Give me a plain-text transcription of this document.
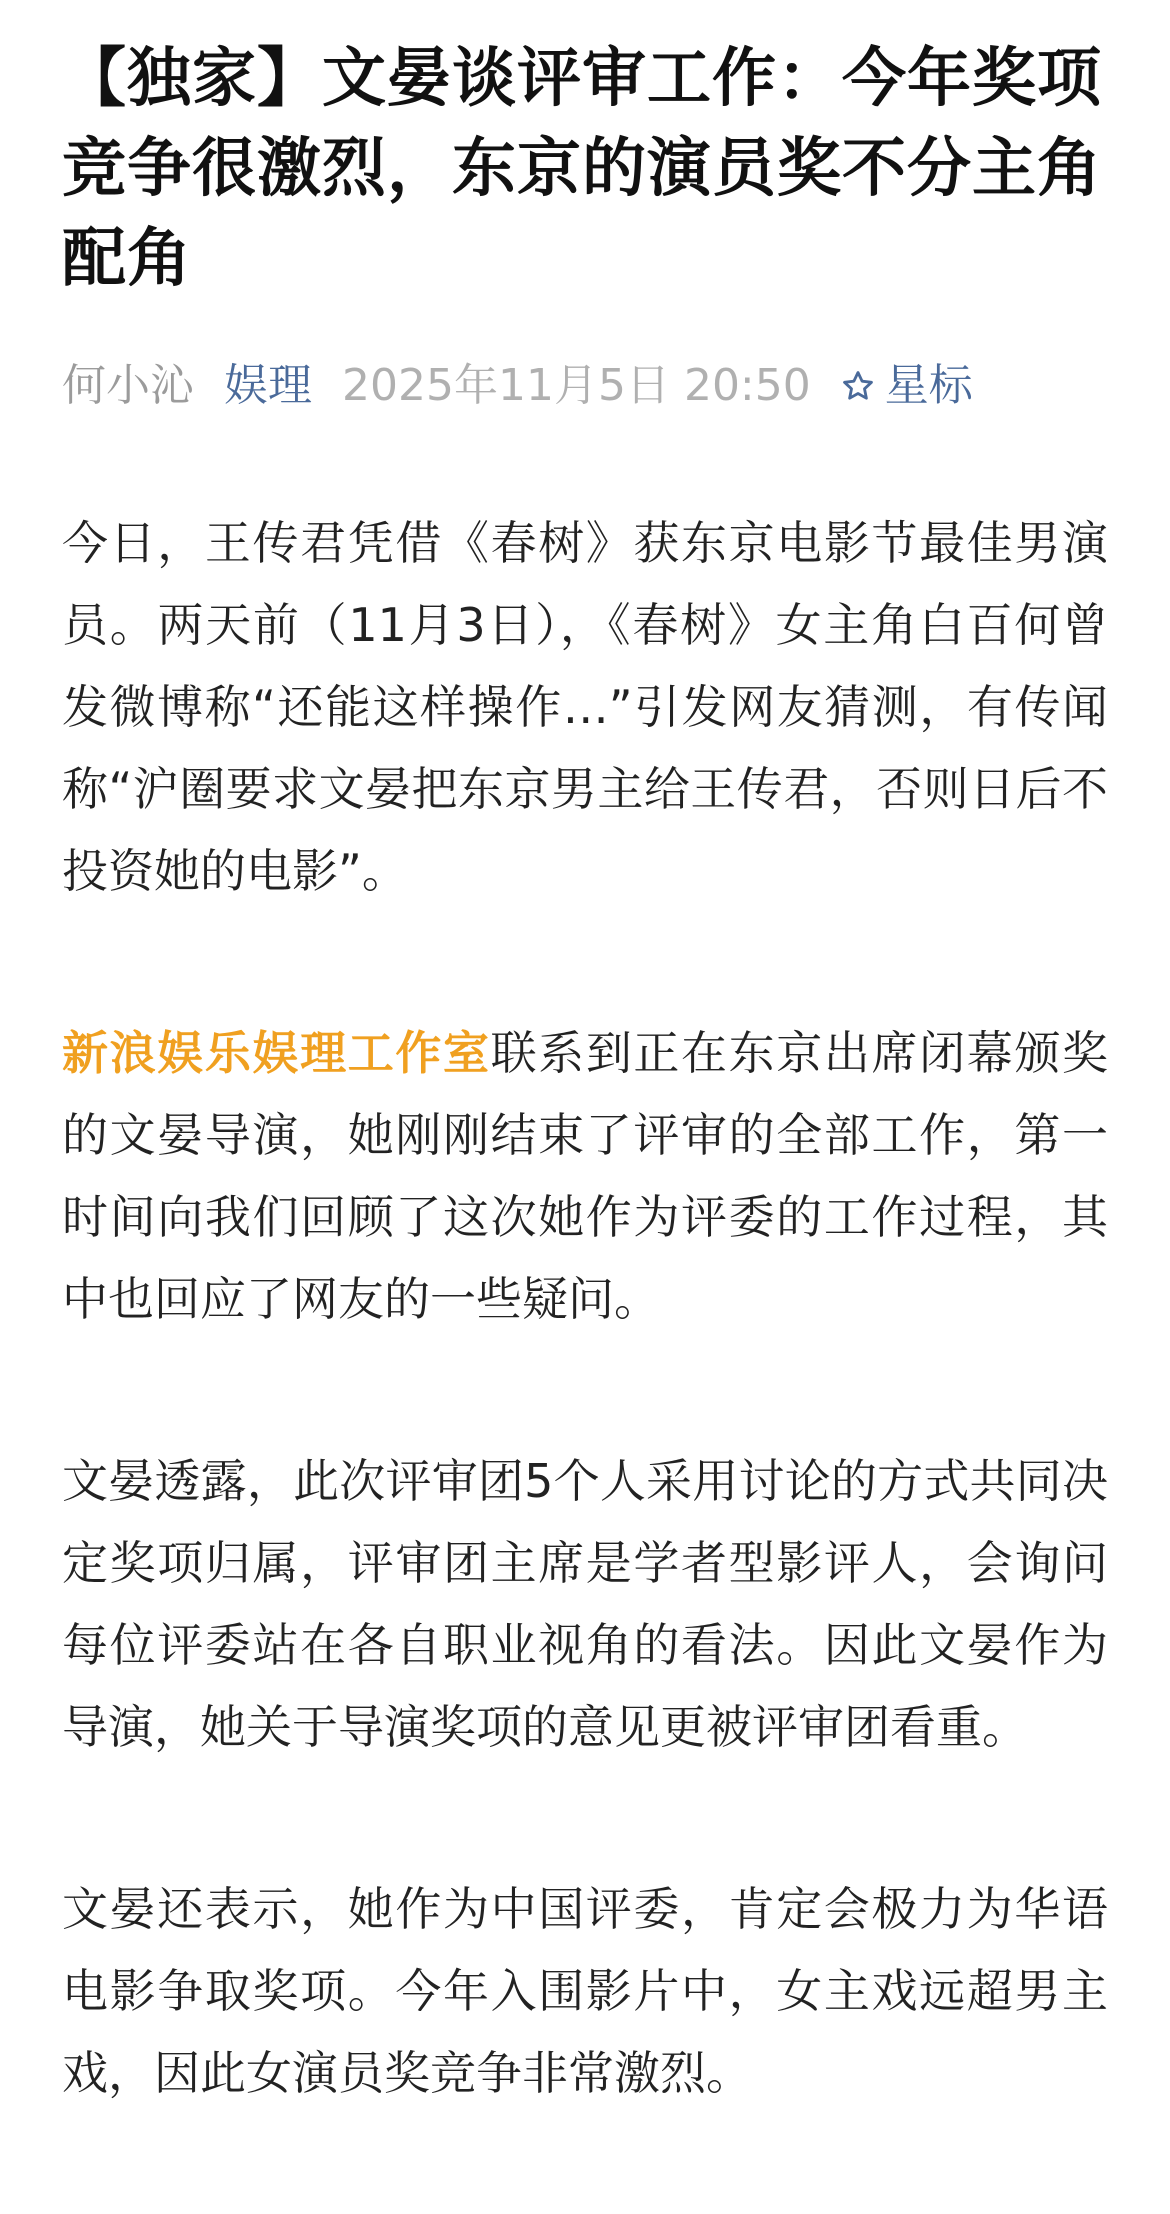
【独家】文晏谈评审工作：今年奖项竞争很激烈，东京的演员奖不分主角配角
何小沁 娱理 2025年11月5日 20:50 星标

今日，王传君凭借《春树》获东京电影节最佳男演员。两天前（11月3日），《春树》女主角白百何曾发微博称“还能这样操作…”引发网友猜测，有传闻称“沪圈要求文晏把东京男主给王传君，否则日后不投资她的电影”。

新浪娱乐娱理工作室联系到正在东京出席闭幕颁奖的文晏导演，她刚刚结束了评审的全部工作，第一时间向我们回顾了这次她作为评委的工作过程，其中也回应了网友的一些疑问。

文晏透露，此次评审团5个人采用讨论的方式共同决定奖项归属，评审团主席是学者型影评人，会询问每位评委站在各自职业视角的看法。因此文晏作为导演，她关于导演奖项的意见更被评审团看重。

文晏还表示，她作为中国评委，肯定会极力为华语电影争取奖项。今年入围影片中，女主戏远超男主戏，因此女演员奖竞争非常激烈。
